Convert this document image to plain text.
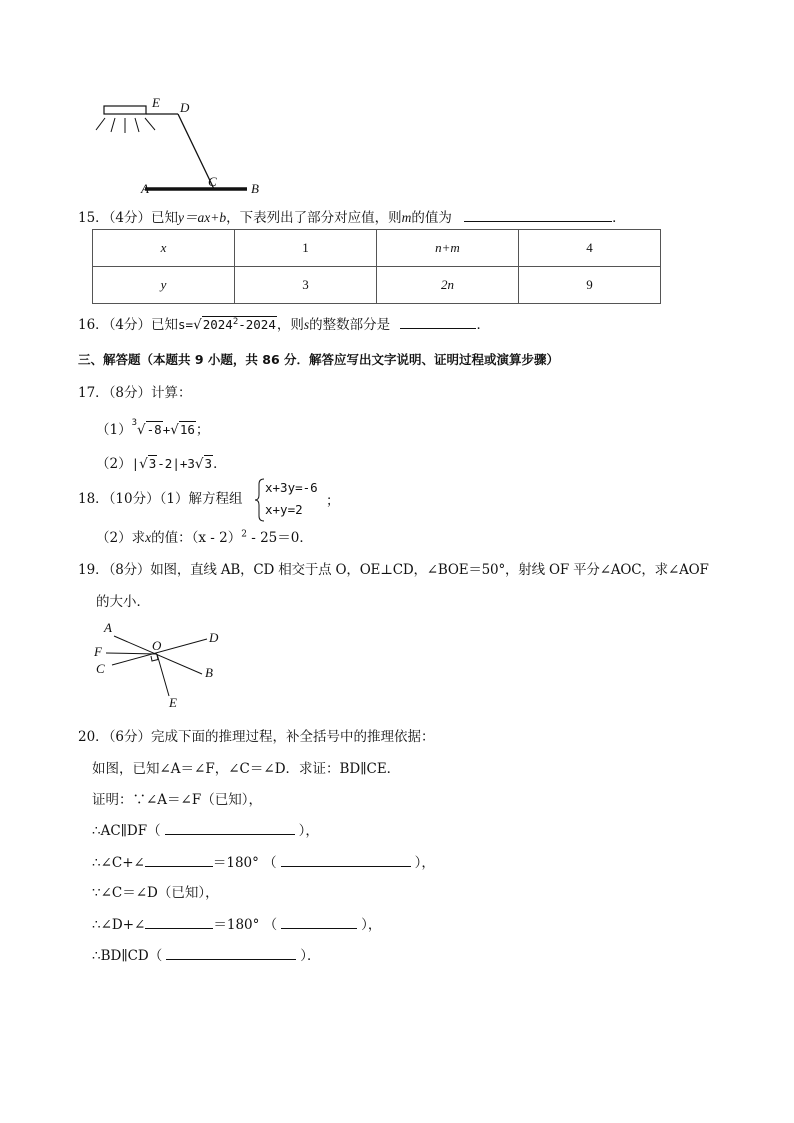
E D
A	C	B
15．（4分）已知y＝ax+b，下表列出了部分对应值，则m的值为	．
x	1	n+m	4
y	3	2n	9
16．（4分）已知$s=√2024^2-2024$，则s的整数部分是	．
三、解答题（本题共 9 小题，共 86 分．解答应写出文字说明、证明过程或演算步骤）
17．（8分）计算：
$(1)^3√-8+√16$；
（2）|√3-2|+3√3．
18．（10分）（1）解方程组
x+3y=-6
x+y=2
；
（2）求x的值：（x - 2）$^2$ - 25＝0．
19．（8分）如图，直线 AB，CD 相交于点 O，OE⊥CD，∠BOE＝50°，射线 OF 平分∠AOC，求∠AOF
的大小．
A
O
D
F
C	B
E
20．（6分）完成下面的推理过程，补全括号中的推理依据：
如图，已知∠A＝∠F，∠C＝∠D．求证：BD∥CE．
证明：∵∠A＝∠F（已知），
∴AC∥DF（	），
∴∠C+∠	＝180° （	），
∵∠C＝∠D（已知），
∴∠D+∠	＝180° （	），
∴BD∥CD（	）．
